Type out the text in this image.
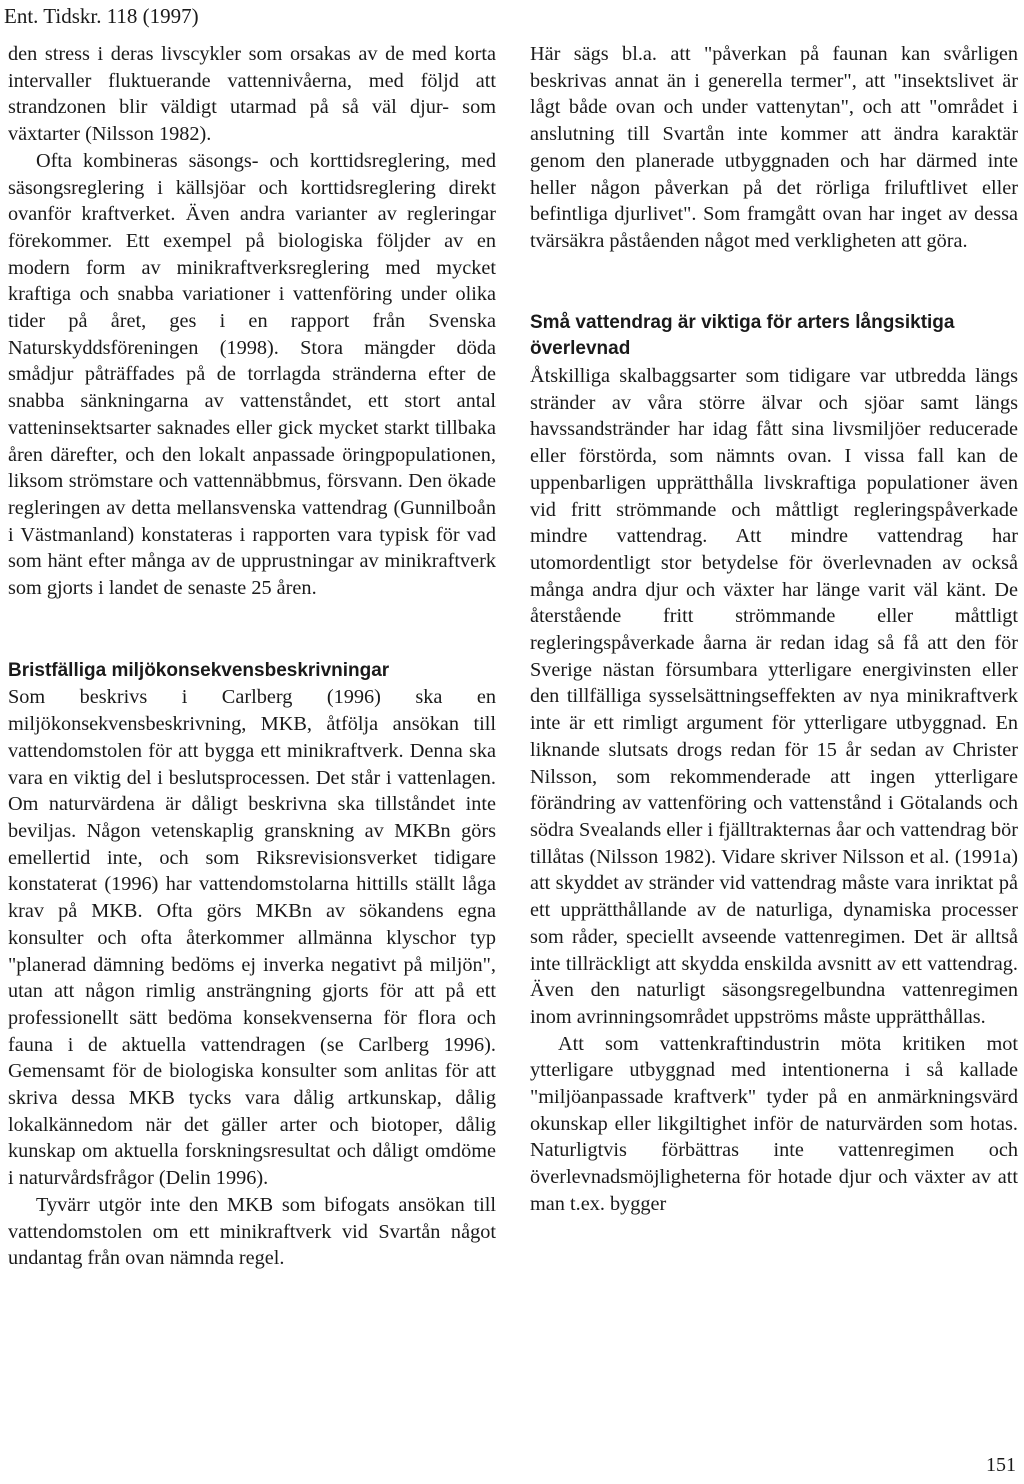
Ent. Tidskr. 118 (1997)

den stress i deras livscykler som orsakas av de med korta intervaller fluktuerande vattennivåerna, med följd att strandzonen blir väldigt utarmad på så väl djur- som växtarter (Nilsson 1982).

Ofta kombineras säsongs- och korttidsreglering, med säsongsreglering i källsjöar och korttidsreglering direkt ovanför kraftverket. Även andra varianter av regleringar förekommer. Ett exempel på biologiska följder av en modern form av minikraftverksreglering med mycket kraftiga och snabba variationer i vattenföring under olika tider på året, ges i en rapport från Svenska Naturskyddsföreningen (1998). Stora mängder döda smådjur påträffades på de torrlagda stränderna efter de snabba sänkningarna av vattenståndet, ett stort antal vatteninsektsarter saknades eller gick mycket starkt tillbaka åren därefter, och den lokalt anpassade öringpopulationen, liksom strömstare och vattennäbbmus, försvann. Den ökade regleringen av detta mellansvenska vattendrag (Gunnilboån i Västmanland) konstateras i rapporten vara typisk för vad som hänt efter många av de upprustningar av minikraftverk som gjorts i landet de senaste 25 åren.

Bristfälliga miljökonsekvensbeskrivningar

Som beskrivs i Carlberg (1996) ska en miljökonsekvensbeskrivning, MKB, åtfölja ansökan till vattendomstolen för att bygga ett minikraftverk. Denna ska vara en viktig del i beslutsprocessen. Det står i vattenlagen. Om naturvärdena är dåligt beskrivna ska tillståndet inte beviljas. Någon vetenskaplig granskning av MKBn görs emellertid inte, och som Riksrevisionsverket tidigare konstaterat (1996) har vattendomstolarna hittills ställt låga krav på MKB. Ofta görs MKBn av sökandens egna konsulter och ofta återkommer allmänna klyschor typ "planerad dämning bedöms ej inverka negativt på miljön", utan att någon rimlig ansträngning gjorts för att på ett professionellt sätt bedöma konsekvenserna för flora och fauna i de aktuella vattendragen (se Carlberg 1996). Gemensamt för de biologiska konsulter som anlitas för att skriva dessa MKB tycks vara dålig artkunskap, dålig lokalkännedom när det gäller arter och biotoper, dålig kunskap om aktuella forskningsresultat och dåligt omdöme i naturvårdsfrågor (Delin 1996).

Tyvärr utgör inte den MKB som bifogats ansökan till vattendomstolen om ett minikraftverk vid Svartån något undantag från ovan nämnda regel.

Här sägs bl.a. att "påverkan på faunan kan svårligen beskrivas annat än i generella termer", att "insektslivet är lågt både ovan och under vattenytan", och att "området i anslutning till Svartån inte kommer att ändra karaktär genom den planerade utbyggnaden och har därmed inte heller någon påverkan på det rörliga friluftlivet eller befintliga djurlivet". Som framgått ovan har inget av dessa tvärsäkra påståenden något med verkligheten att göra.

Små vattendrag är viktiga för arters långsiktiga överlevnad

Åtskilliga skalbaggsarter som tidigare var utbredda längs stränder av våra större älvar och sjöar samt längs havssandstränder har idag fått sina livsmiljöer reducerade eller förstörda, som nämnts ovan. I vissa fall kan de uppenbarligen upprätthålla livskraftiga populationer även vid fritt strömmande och måttligt regleringspåverkade mindre vattendrag. Att mindre vattendrag har utomordentligt stor betydelse för överlevnaden av också många andra djur och växter har länge varit väl känt. De återstående fritt strömmande eller måttligt regleringspåverkade åarna är redan idag så få att den för Sverige nästan försumbara ytterligare energivinsten eller den tillfälliga sysselsättningseffekten av nya minikraftverk inte är ett rimligt argument för ytterligare utbyggnad. En liknande slutsats drogs redan för 15 år sedan av Christer Nilsson, som rekommenderade att ingen ytterligare förändring av vattenföring och vattenstånd i Götalands och södra Svealands eller i fjälltrakternas åar och vattendrag bör tillåtas (Nilsson 1982). Vidare skriver Nilsson et al. (1991a) att skyddet av stränder vid vattendrag måste vara inriktat på ett upprätthållande av de naturliga, dynamiska processer som råder, speciellt avseende vattenregimen. Det är alltså inte tillräckligt att skydda enskilda avsnitt av ett vattendrag. Även den naturligt säsongsregelbundna vattenregimen inom avrinningsområdet uppströms måste upprätthållas.

Att som vattenkraftindustrin möta kritiken mot ytterligare utbyggnad med intentionerna i så kallade "miljöanpassade kraftverk" tyder på en anmärkningsvärd okunskap eller likgiltighet inför de naturvärden som hotas. Naturligtvis förbättras inte vattenregimen och överlevnadsmöjligheterna för hotade djur och växter av att man t.ex. bygger

151
